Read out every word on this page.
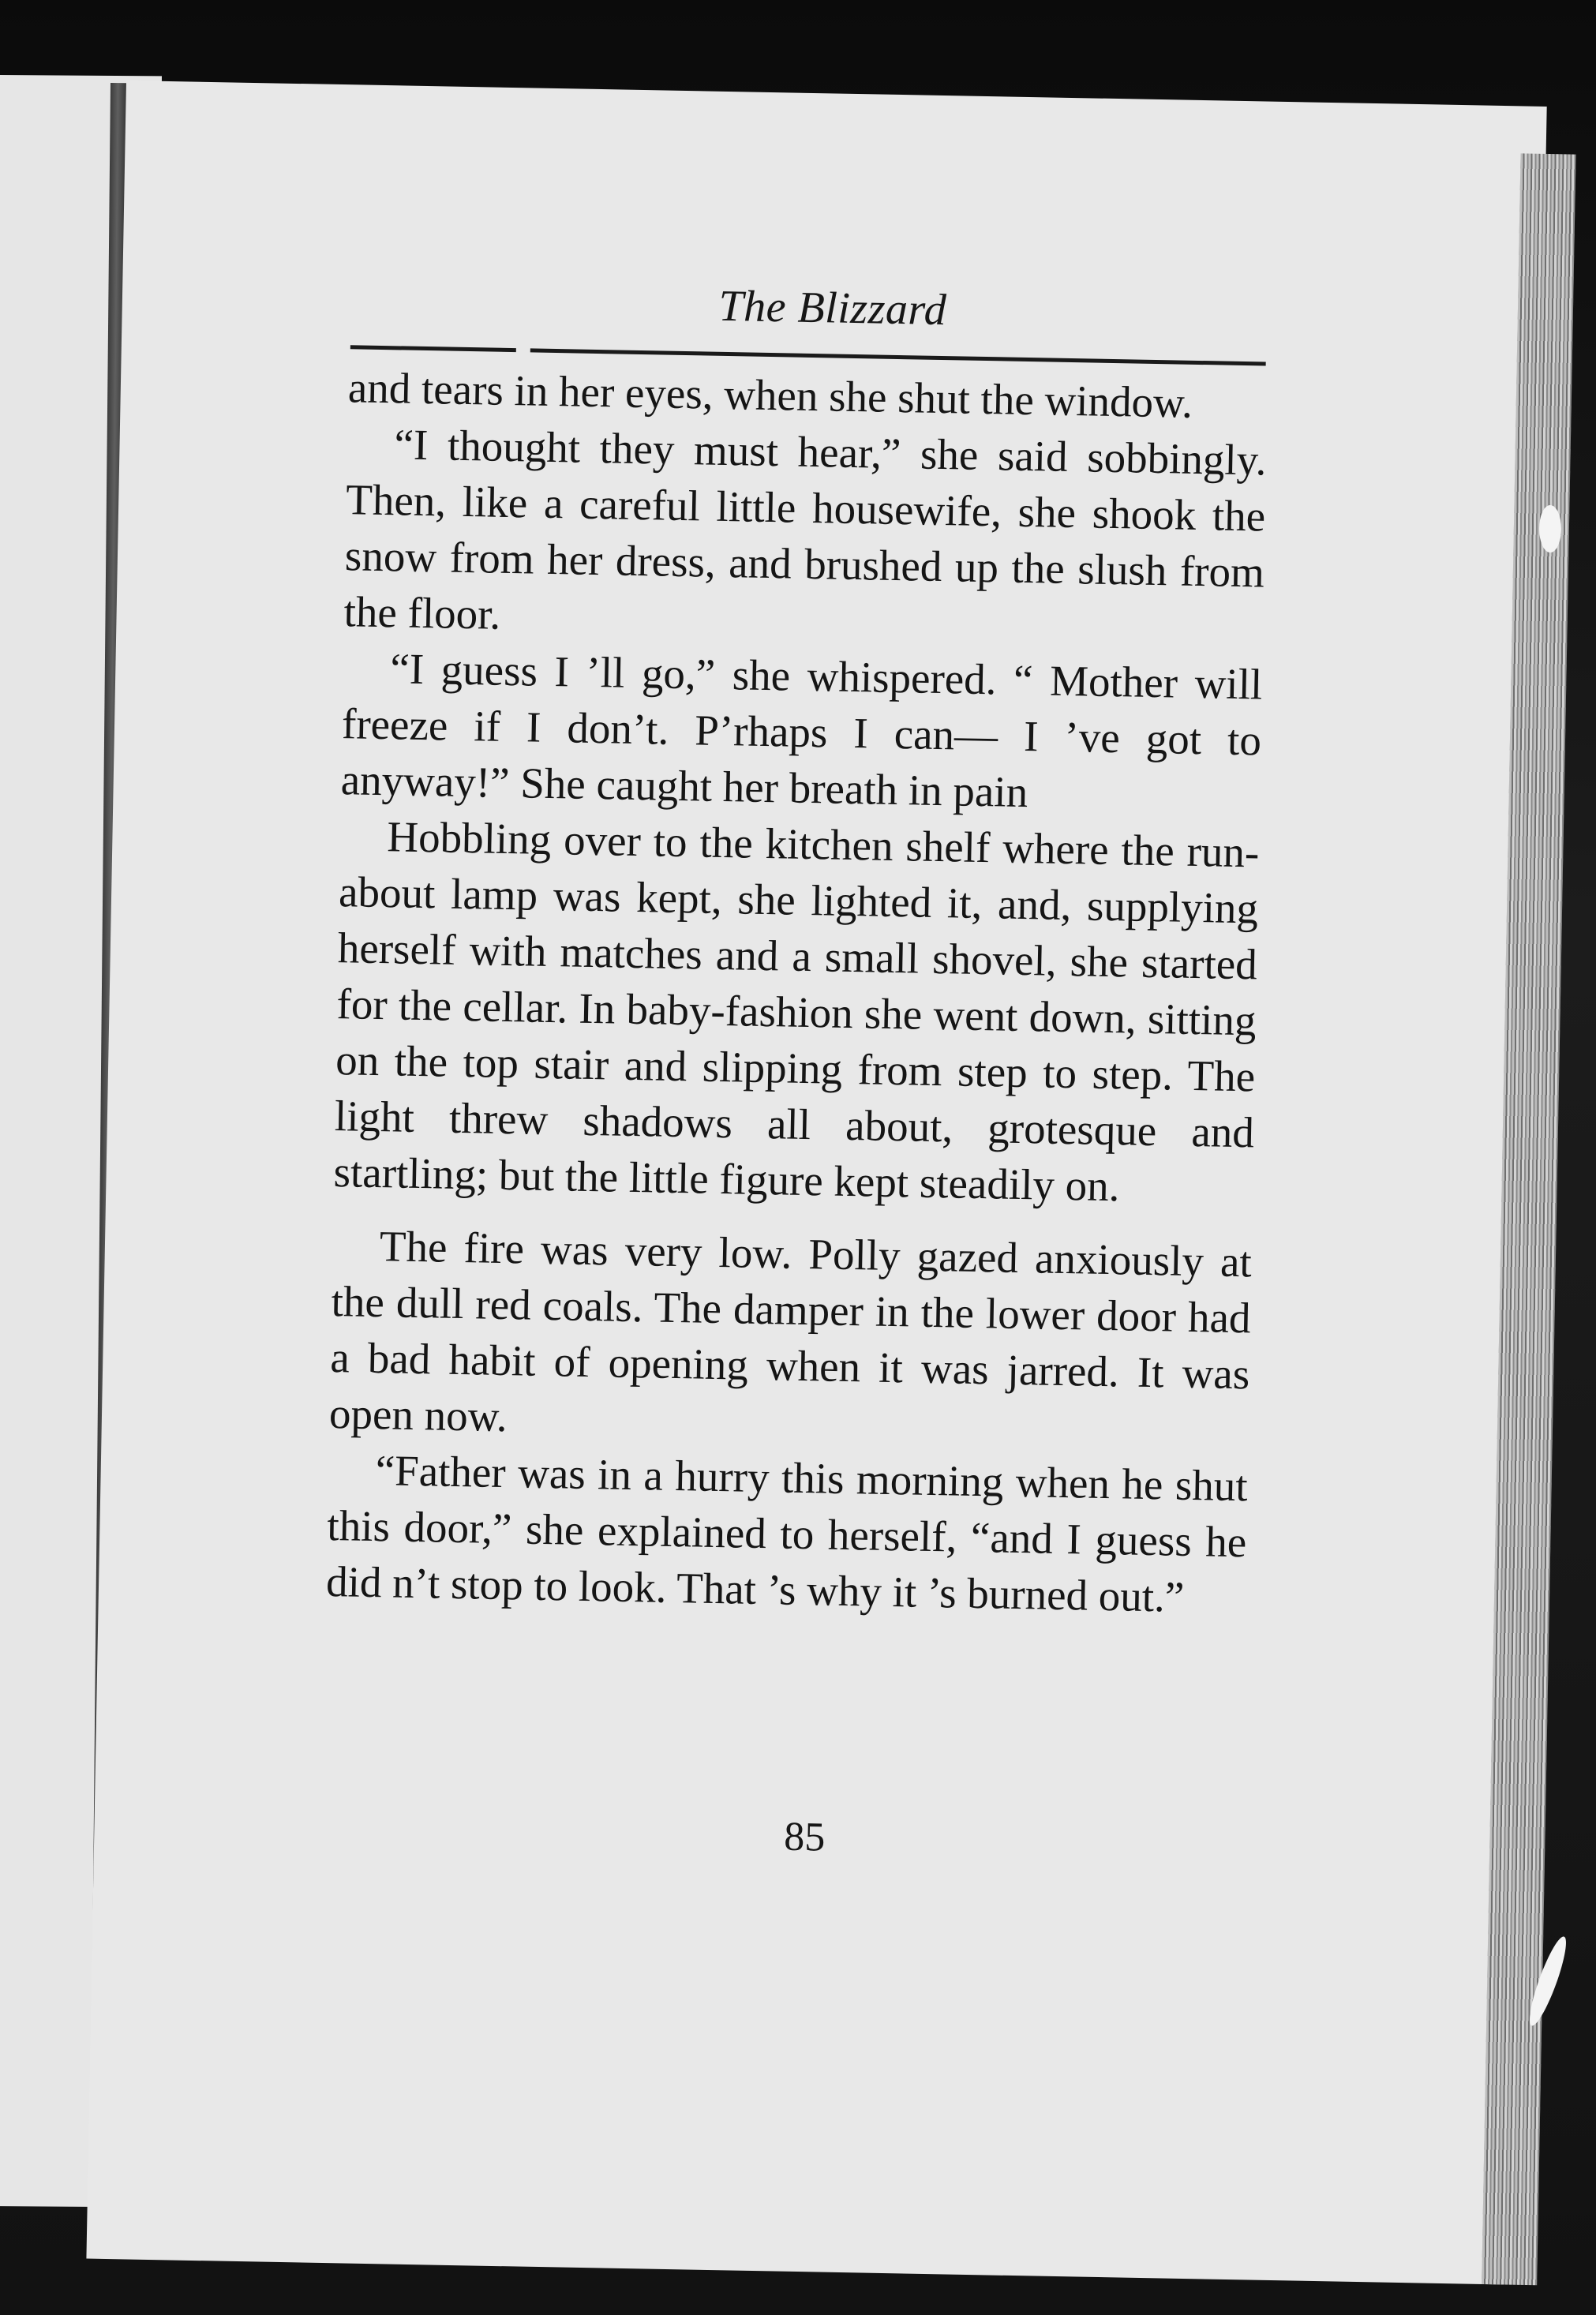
The Blizzard

and tears in her eyes, when she shut the window.

“I thought they must hear,” she said sobbingly. Then, like a careful little housewife, she shook the snow from her dress, and brushed up the slush from the floor.

“I guess I ’ll go,” she whispered. “ Mother will freeze if I don’t. P’rhaps I can— I ’ve got to anyway!” She caught her breath in pain

Hobbling over to the kitchen shelf where the run-about lamp was kept, she lighted it, and, supplying herself with matches and a small shovel, she started for the cellar. In baby-fashion she went down, sitting on the top stair and slipping from step to step. The light threw shadows all about, grotesque and startling; but the little figure kept steadily on.

The fire was very low. Polly gazed anxiously at the dull red coals. The damper in the lower door had a bad habit of opening when it was jarred. It was open now.

“Father was in a hurry this morning when he shut this door,” she explained to herself, “and I guess he did n’t stop to look. That ’s why it ’s burned out.”

85
